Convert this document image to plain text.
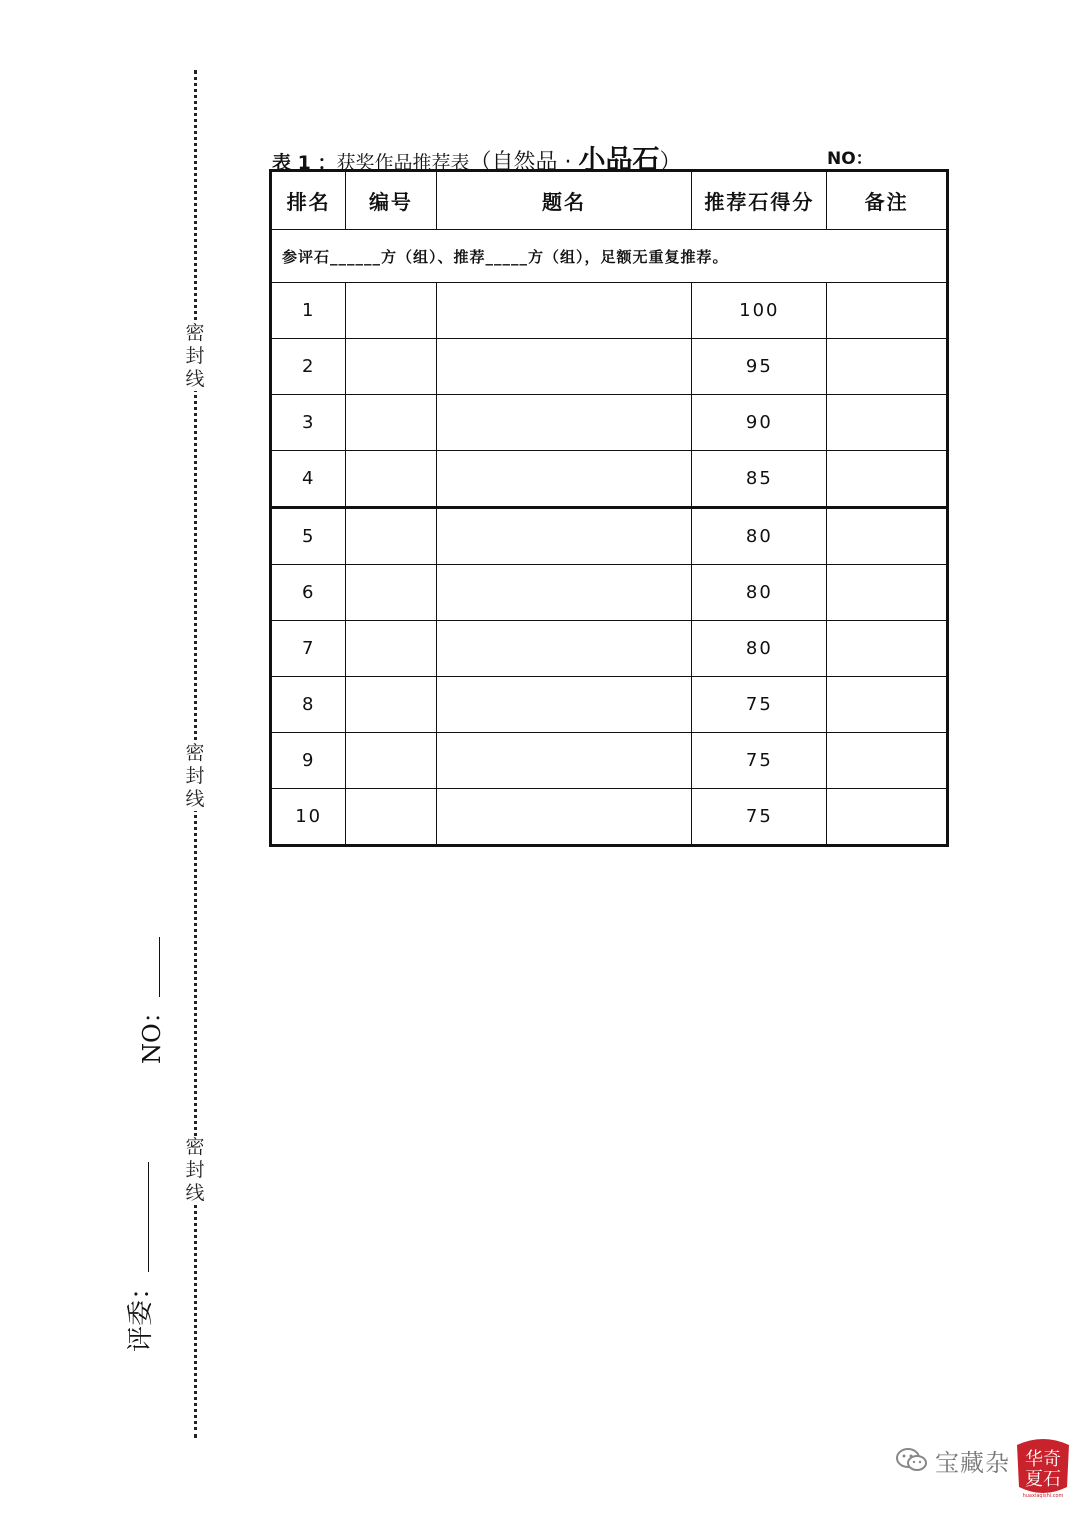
密
封
线
密
封
线
密
封
线
NO：
评委：
表 1 ：获奖作品推荐表（自然品 · 小品石）	NO：
排名	编号	题名	推荐石得分	备注
参评石______方（组）、推荐_____方（组），足额无重复推荐。				
1			100	
2			95	
3			90	
4			85	
5			80	
6			80	
7			80	
8			75	
9			75	
10			75	
宝藏杂 华奇
夏石
huaxiaqishi.com
